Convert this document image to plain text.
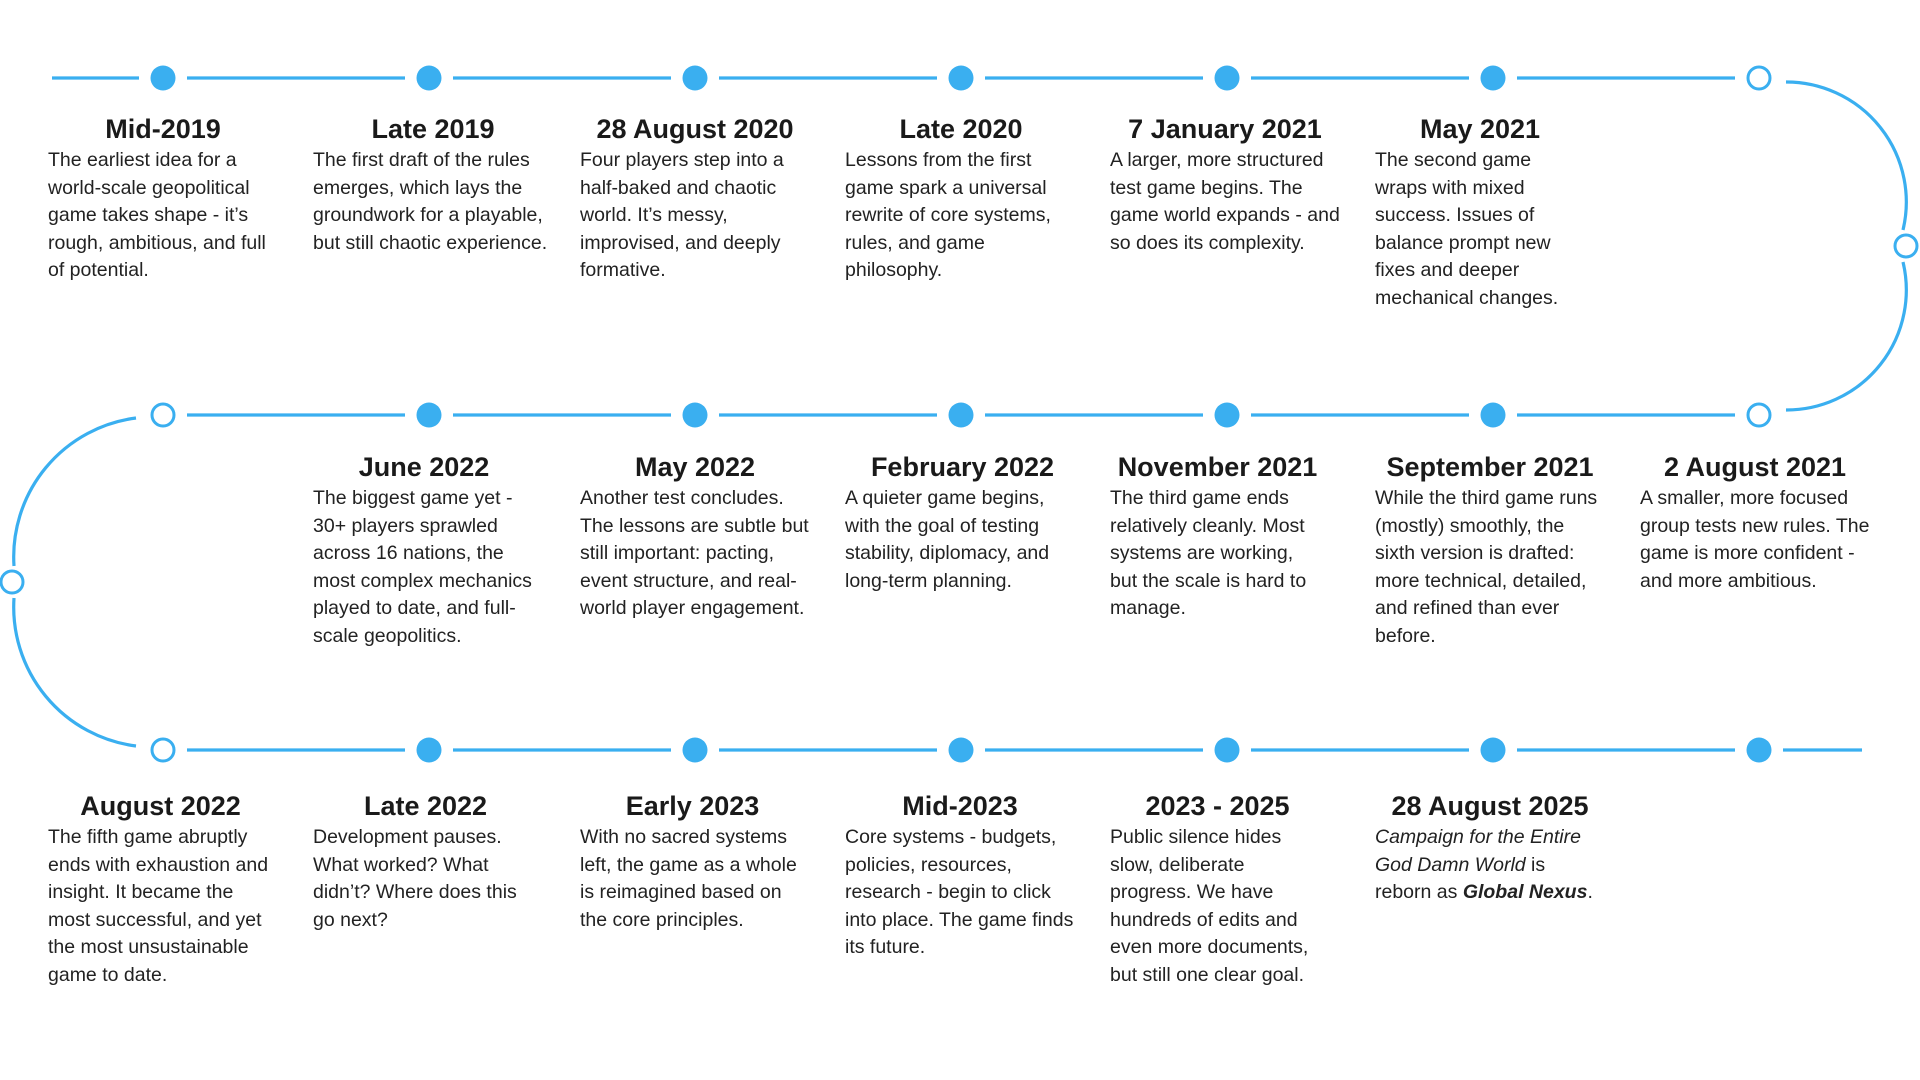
Mid-2019
The earliest idea for a world-scale geopolitical game takes shape - it’s rough, ambitious, and full of potential.
Late 2019
The first draft of the rules emerges, which lays the groundwork for a playable, but still chaotic experience.
28 August 2020
Four players step into a half-baked and chaotic world. It’s messy, improvised, and deeply formative.
Late 2020
Lessons from the first game spark a universal rewrite of core systems, rules, and game philosophy.
7 January 2021
A larger, more structured test game begins. The game world expands - and so does its complexity.
May 2021
The second game wraps with mixed success. Issues of balance prompt new fixes and deeper mechanical changes.
2 August 2021
A smaller, more focused group tests new rules. The game is more confident - and more ambitious.
September 2021
While the third game runs (mostly) smoothly, the sixth version is drafted: more technical, detailed, and refined than ever before.
November 2021
The third game ends relatively cleanly. Most systems are working, but the scale is hard to manage.
February 2022
A quieter game begins, with the goal of testing stability, diplomacy, and long-term planning.
May 2022
Another test concludes. The lessons are subtle but still important: pacting, event structure, and real-world player engagement.
June 2022
The biggest game yet - 30+ players sprawled across 16 nations, the most complex mechanics played to date, and full-scale geopolitics.
August 2022
The fifth game abruptly ends with exhaustion and insight. It became the most successful, and yet the most unsustainable game to date.
Late 2022
Development pauses. What worked? What didn’t? Where does this go next?
Early 2023
With no sacred systems left, the game as a whole is reimagined based on the core principles.
Mid-2023
Core systems - budgets, policies, resources, research - begin to click into place. The game finds its future.
2023 - 2025
Public silence hides slow, deliberate progress. We have hundreds of edits and even more documents, but still one clear goal.
28 August 2025
Campaign for the Entire God Damn World is reborn as Global Nexus.
